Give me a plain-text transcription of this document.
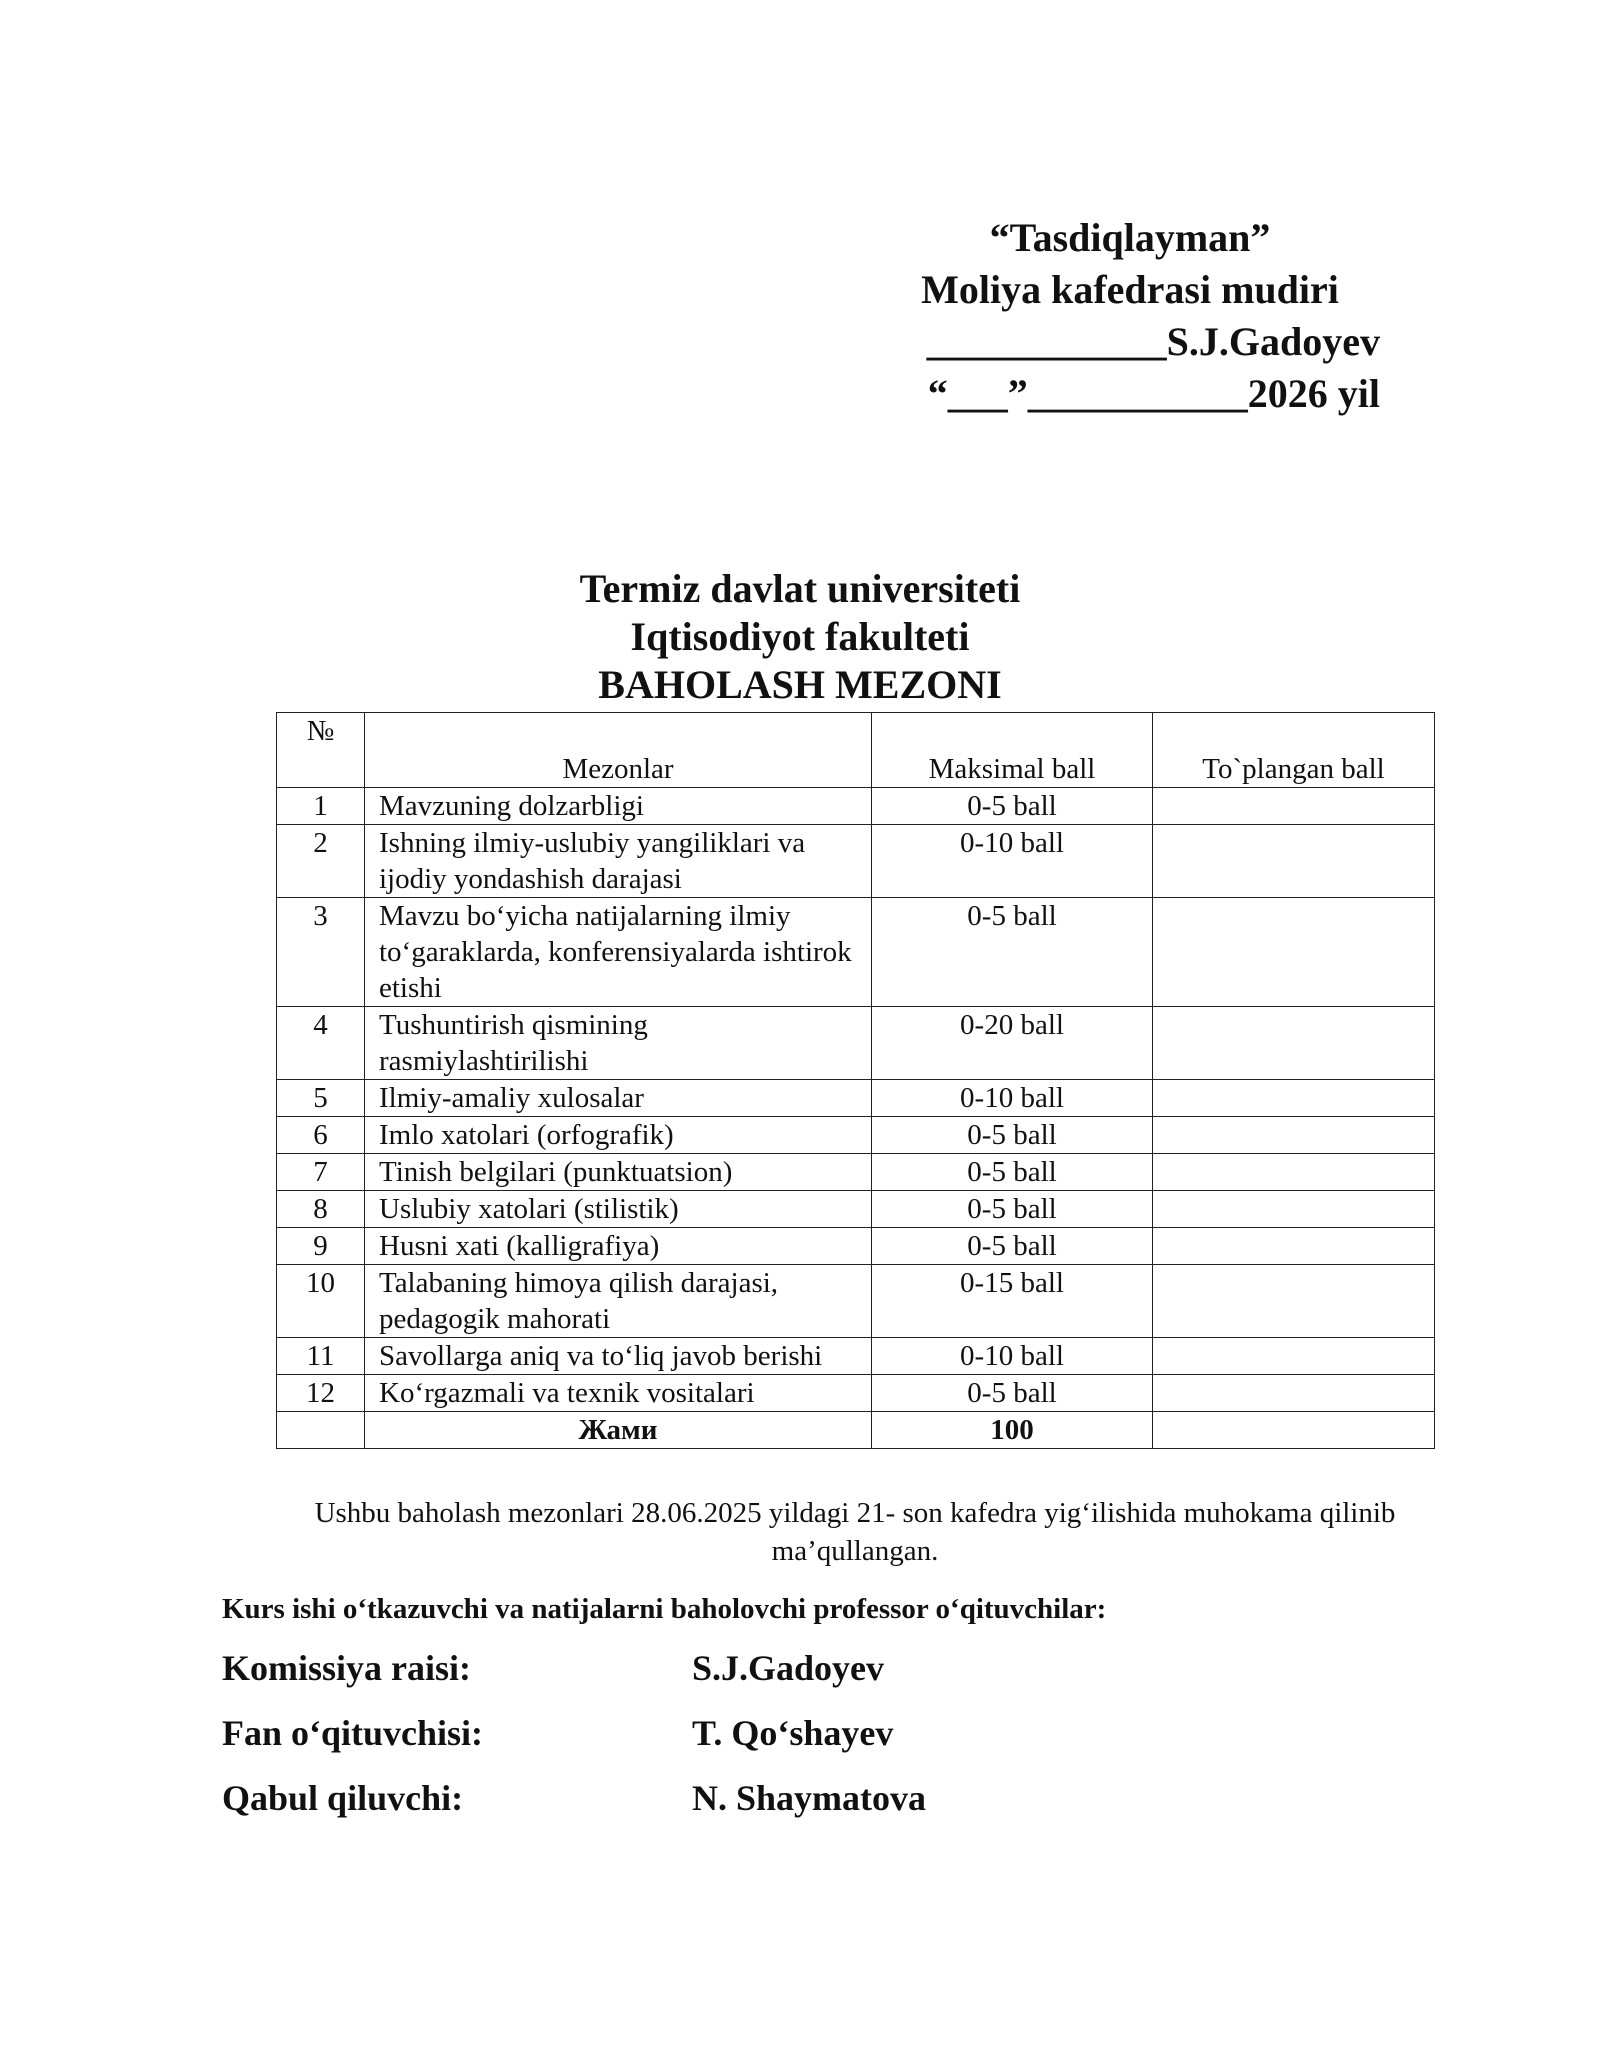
“Tasdiqlayman”
Moliya kafedrasi mudiri
____________S.J.Gadoyev
“___”___________2026 yil
Termiz davlat universiteti
Iqtisodiyot fakulteti
BAHOLASH MEZONI
№	Mezonlar	Maksimal ball	To`plangan ball
1	Mavzuning dolzarbligi	0-5 ball	
2	Ishning ilmiy-uslubiy yangiliklari va ijodiy yondashish darajasi	0-10 ball	
3	Mavzu bo‘yicha natijalarning ilmiy to‘garaklarda, konferensiyalarda ishtirok etishi	0-5 ball	
4	Tushuntirish qismining rasmiylashtirilishi	0-20 ball	
5	Ilmiy-amaliy xulosalar	0-10 ball	
6	Imlo xatolari (orfografik)	0-5 ball	
7	Tinish belgilari (punktuatsion)	0-5 ball	
8	Uslubiy xatolari (stilistik)	0-5 ball	
9	Husni xati (kalligrafiya)	0-5 ball	
10	Talabaning himoya qilish darajasi, pedagogik mahorati	0-15 ball	
11	Savollarga aniq va to‘liq javob berishi	0-10 ball	
12	Ko‘rgazmali va texnik vositalari	0-5 ball	
	Жами	100	
Ushbu baholash mezonlari 28.06.2025 yildagi 21- son kafedra yig‘ilishida muhokama qilinib ma’qullangan.
Kurs ishi o‘tkazuvchi va natijalarni baholovchi professor o‘qituvchilar:
Komissiya raisi:	S.J.Gadoyev
Fan o‘qituvchisi:	T. Qo‘shayev
Qabul qiluvchi:	N. Shaymatova
